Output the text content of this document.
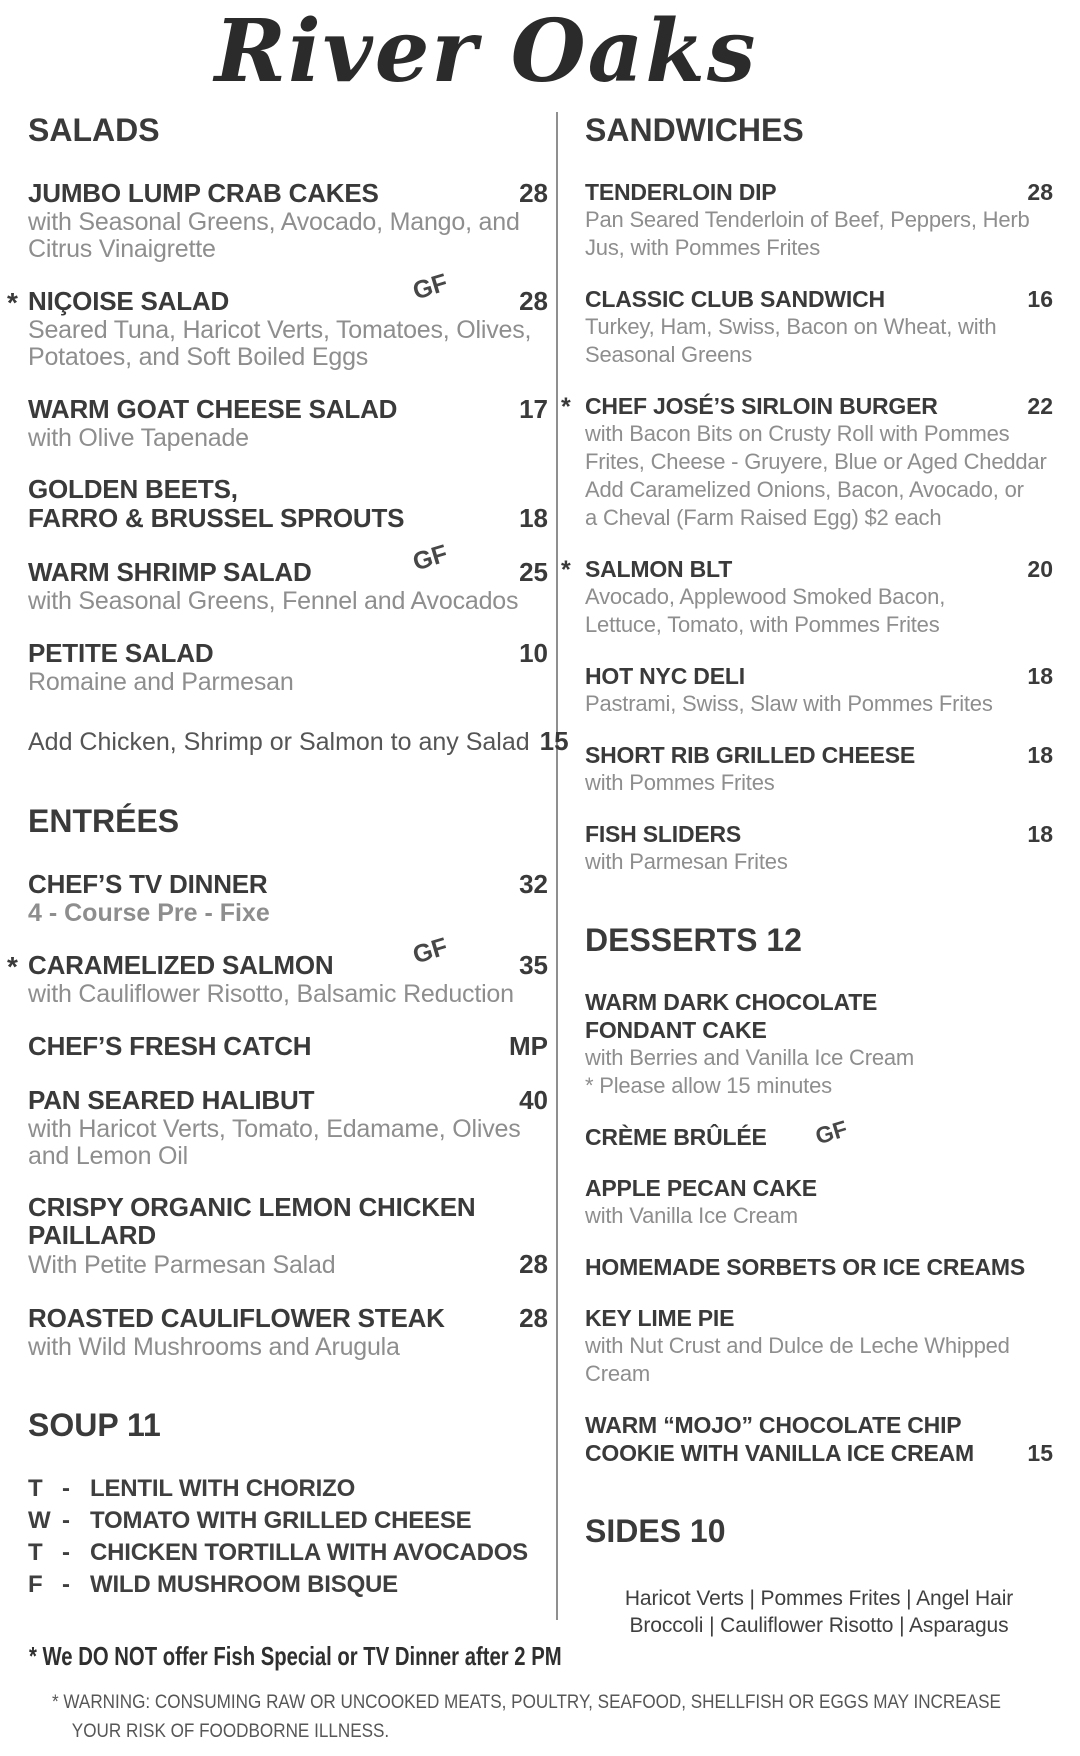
River Oaks
SALADS
JUMBO LUMP CRAB CAKES	28
with Seasonal Greens, Avocado, Mango, and
Citrus Vinaigrette
* NIÇOISE SALAD	GF	28
Seared Tuna, Haricot Verts, Tomatoes, Olives,
Potatoes, and Soft Boiled Eggs
WARM GOAT CHEESE SALAD	17
with Olive Tapenade
GOLDEN BEETS,
FARRO & BRUSSEL SPROUTS	18
WARM SHRIMP SALAD	GF	25
with Seasonal Greens, Fennel and Avocados
PETITE SALAD	10
Romaine and Parmesan
Add Chicken, Shrimp or Salmon to any Salad 15
ENTRÉES
CHEF’S TV DINNER	32
4 - Course Pre - Fixe
* CARAMELIZED SALMON	GF	35
with Cauliflower Risotto, Balsamic Reduction
CHEF’S FRESH CATCH	MP
PAN SEARED HALIBUT	40
with Haricot Verts, Tomato, Edamame, Olives
and Lemon Oil
CRISPY ORGANIC LEMON CHICKEN
PAILLARD
With Petite Parmesan Salad	28
ROASTED CAULIFLOWER STEAK	28
with Wild Mushrooms and Arugula
SOUP 11
T - LENTIL WITH CHORIZO
W - TOMATO WITH GRILLED CHEESE
T - CHICKEN TORTILLA WITH AVOCADOS
F - WILD MUSHROOM BISQUE
SANDWICHES
TENDERLOIN DIP	28
Pan Seared Tenderloin of Beef, Peppers, Herb
Jus, with Pommes Frites
CLASSIC CLUB SANDWICH	16
Turkey, Ham, Swiss, Bacon on Wheat, with
Seasonal Greens
* CHEF JOSÉ’S SIRLOIN BURGER	22
with Bacon Bits on Crusty Roll with Pommes
Frites, Cheese - Gruyere, Blue or Aged Cheddar
Add Caramelized Onions, Bacon, Avocado, or
a Cheval (Farm Raised Egg) $2 each
* SALMON BLT	20
Avocado, Applewood Smoked Bacon,
Lettuce, Tomato, with Pommes Frites
HOT NYC DELI	18
Pastrami, Swiss, Slaw with Pommes Frites
SHORT RIB GRILLED CHEESE	18
with Pommes Frites
FISH SLIDERS	18
with Parmesan Frites
DESSERTS 12
WARM DARK CHOCOLATE
FONDANT CAKE
with Berries and Vanilla Ice Cream
* Please allow 15 minutes
CRÈME BRÛLÉE GF
APPLE PECAN CAKE
with Vanilla Ice Cream
HOMEMADE SORBETS OR ICE CREAMS
KEY LIME PIE
with Nut Crust and Dulce de Leche Whipped
Cream
WARM “MOJO” CHOCOLATE CHIP
COOKIE WITH VANILLA ICE CREAM	15
SIDES 10
Haricot Verts | Pommes Frites | Angel Hair
Broccoli | Cauliflower Risotto | Asparagus
* We DO NOT offer Fish Special or TV Dinner after 2 PM
* WARNING: CONSUMING RAW OR UNCOOKED MEATS, POULTRY, SEAFOOD, SHELLFISH OR EGGS MAY INCREASE
YOUR RISK OF FOODBORNE ILLNESS.
